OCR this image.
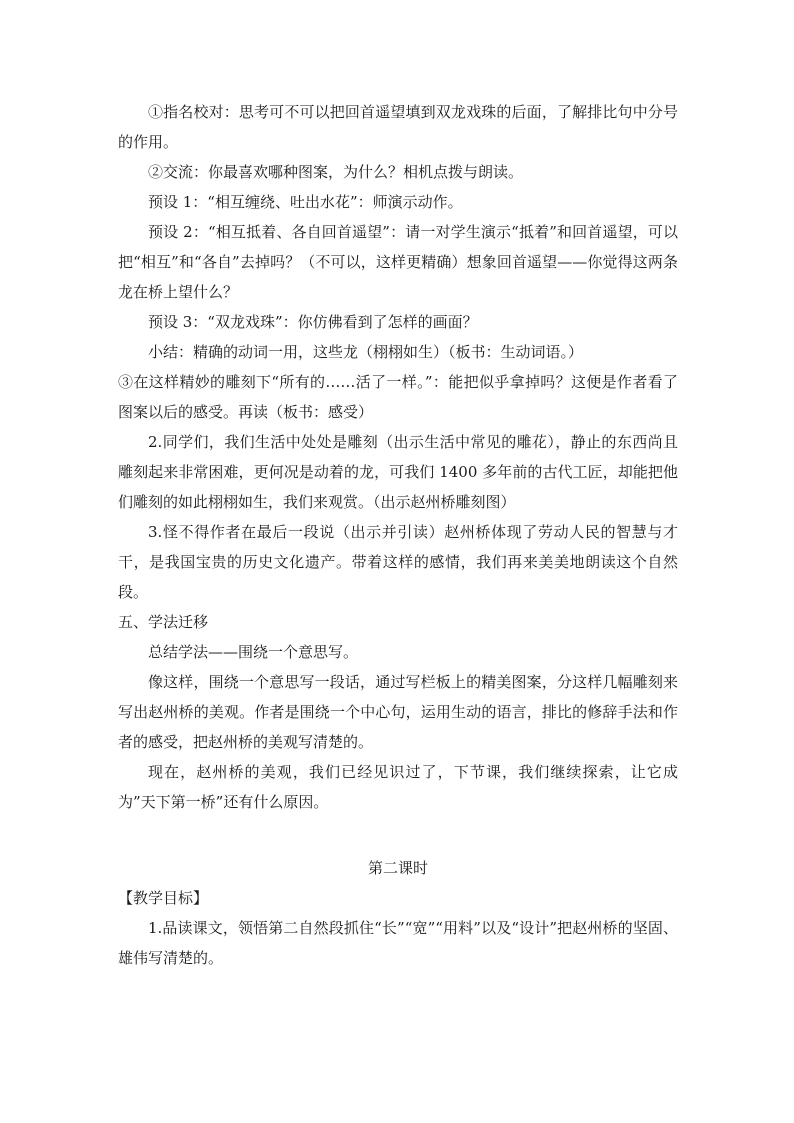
①指名校对：思考可不可以把回首遥望填到双龙戏珠的后面，了解排比句中分号的作用。

②交流：你最喜欢哪种图案，为什么？相机点拨与朗读。

预设 1：“相互缠绕、吐出水花”：师演示动作。

预设 2：“相互抵着、各自回首遥望”：请一对学生演示“抵着”和回首遥望，可以把“相互”和“各自”去掉吗？（不可以，这样更精确）想象回首遥望——你觉得这两条龙在桥上望什么？

预设 3：“双龙戏珠”：你仿佛看到了怎样的画面？

小结：精确的动词一用，这些龙（栩栩如生）（板书：生动词语。）

③在这样精妙的雕刻下“所有的……活了一样。”：能把似乎拿掉吗？这便是作者看了图案以后的感受。再读（板书：感受）

2.同学们，我们生活中处处是雕刻（出示生活中常见的雕花），静止的东西尚且雕刻起来非常困难，更何况是动着的龙，可我们 1400 多年前的古代工匠，却能把他们雕刻的如此栩栩如生，我们来观赏。（出示赵州桥雕刻图）

3.怪不得作者在最后一段说（出示并引读）赵州桥体现了劳动人民的智慧与才干，是我国宝贵的历史文化遗产。带着这样的感情，我们再来美美地朗读这个自然段。

五、学法迁移

总结学法——围绕一个意思写。

像这样，围绕一个意思写一段话，通过写栏板上的精美图案，分这样几幅雕刻来写出赵州桥的美观。作者是围绕一个中心句，运用生动的语言，排比的修辞手法和作者的感受，把赵州桥的美观写清楚的。

现在，赵州桥的美观，我们已经见识过了，下节课，我们继续探索，让它成为”天下第一桥”还有什么原因。

第二课时

【教学目标】

1.品读课文，领悟第二自然段抓住“长”“宽”“用料”以及“设计”把赵州桥的坚固、雄伟写清楚的。
